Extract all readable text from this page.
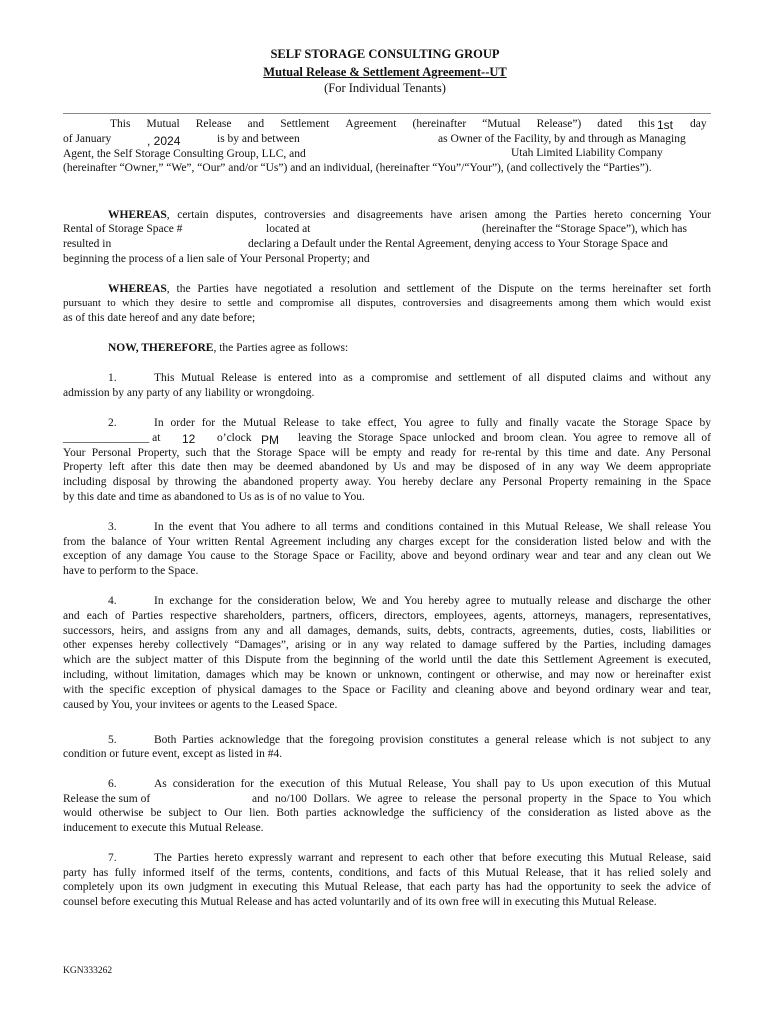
SELF STORAGE CONSULTING GROUP
Mutual Release & Settlement Agreement--UT
(For Individual Tenants)
This Mutual Release and Settlement Agreement (hereinafter “Mutual Release”) dated this 1st day
of January	, 2024	is by and between	as Owner of the Facility, by and through as Managing
Agent, the Self Storage Consulting Group, LLC, and	Utah Limited Liability Company
(hereinafter “Owner,” “We”, “Our” and/or “Us”) and an individual, (hereinafter “You”/“Your”), (and collectively the “Parties”).
WHEREAS, certain disputes, controversies and disagreements have arisen among the Parties hereto concerning Your
Rental of Storage Space #	located at	(hereinafter the “Storage Space”), which has
resulted in	declaring a Default under the Rental Agreement, denying access to Your Storage Space and
beginning the process of a lien sale of Your Personal Property; and
WHEREAS, the Parties have negotiated a resolution and settlement of the Dispute on the terms hereinafter set forth
pursuant to which they desire to settle and compromise all disputes, controversies and disagreements among them which would exist
as of this date hereof and any date before;
NOW, THEREFORE, the Parties agree as follows:
1.	This Mutual Release is entered into as a compromise and settlement of all disputed claims and without any
admission by any party of any liability or wrongdoing.
2.	In order for the Mutual Release to take effect, You agree to fully and finally vacate the Storage Space by
_______________ at 12 o’clock PM leaving the Storage Space unlocked and broom clean. You agree to remove all of
Your Personal Property, such that the Storage Space will be empty and ready for re-rental by this time and date. Any Personal
Property left after this date then may be deemed abandoned by Us and may be disposed of in any way We deem appropriate
including disposal by throwing the abandoned property away. You hereby declare any Personal Property remaining in the Space
by this date and time as abandoned to Us as is of no value to You.
3.	In the event that You adhere to all terms and conditions contained in this Mutual Release, We shall release You
from the balance of Your written Rental Agreement including any charges except for the consideration listed below and with the
exception of any damage You cause to the Storage Space or Facility, above and beyond ordinary wear and tear and any clean out We
have to perform to the Space.
4.	In exchange for the consideration below, We and You hereby agree to mutually release and discharge the other
and each of Parties respective shareholders, partners, officers, directors, employees, agents, attorneys, managers, representatives,
successors, heirs, and assigns from any and all damages, demands, suits, debts, contracts, agreements, duties, costs, liabilities or
other expenses hereby collectively “Damages”, arising or in any way related to damage suffered by the Parties, including damages
which are the subject matter of this Dispute from the beginning of the world until the date this Settlement Agreement is executed,
including, without limitation, damages which may be known or unknown, contingent or otherwise, and may now or hereinafter exist
with the specific exception of physical damages to the Space or Facility and cleaning above and beyond ordinary wear and tear,
caused by You, your invitees or agents to the Leased Space.
5.	Both Parties acknowledge that the foregoing provision constitutes a general release which is not subject to any
condition or future event, except as listed in #4.
6.	As consideration for the execution of this Mutual Release, You shall pay to Us upon execution of this Mutual
Release the sum of	and no/100 Dollars. We agree to release the personal property in the Space to You which
would otherwise be subject to Our lien. Both parties acknowledge the sufficiency of the consideration as listed above as the
inducement to execute this Mutual Release.
7.	The Parties hereto expressly warrant and represent to each other that before executing this Mutual Release, said
party has fully informed itself of the terms, contents, conditions, and facts of this Mutual Release, that it has relied solely and
completely upon its own judgment in executing this Mutual Release, that each party has had the opportunity to seek the advice of
counsel before executing this Mutual Release and has acted voluntarily and of its own free will in executing this Mutual Release.
KGN333262
